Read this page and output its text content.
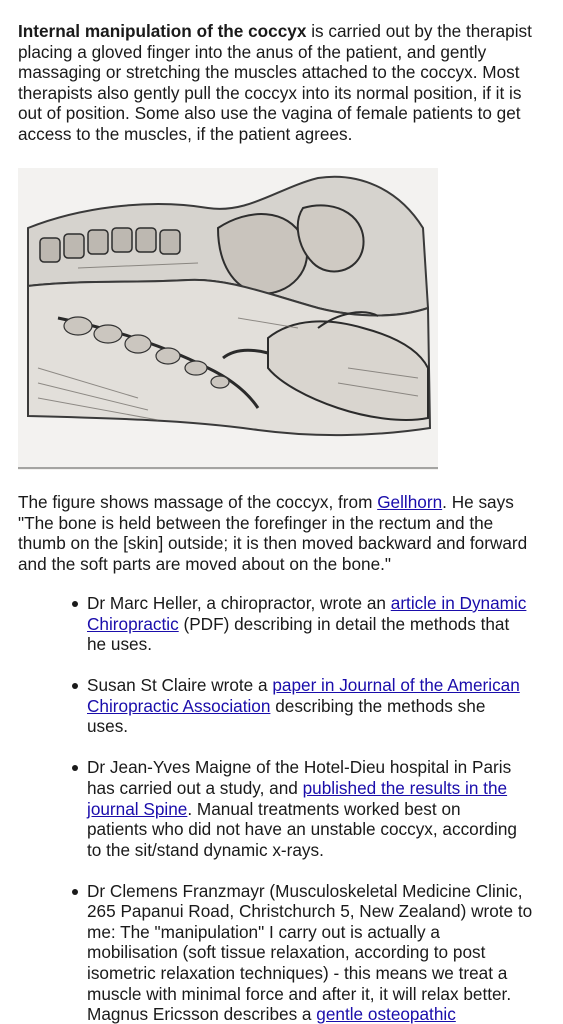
Internal manipulation of the coccyx is carried out by the therapist
placing a gloved finger into the anus of the patient, and gently
massaging or stretching the muscles attached to the coccyx. Most
therapists also gently pull the coccyx into its normal position, if it is
out of position. Some also use the vagina of female patients to get
access to the muscles, if the patient agrees.

The figure shows massage of the coccyx, from Gellhorn. He says
"The bone is held between the forefinger in the rectum and the
thumb on the [skin] outside; it is then moved backward and forward
and the soft parts are moved about on the bone."

Dr Marc Heller, a chiropractor, wrote an article in Dynamic
Chiropractic (PDF) describing in detail the methods that
he uses.
Susan St Claire wrote a paper in Journal of the American
Chiropractic Association describing the methods she
uses.
Dr Jean-Yves Maigne of the Hotel-Dieu hospital in Paris
has carried out a study, and published the results in the
journal Spine. Manual treatments worked best on
patients who did not have an unstable coccyx, according
to the sit/stand dynamic x-rays.
Dr Clemens Franzmayr (Musculoskeletal Medicine Clinic,
265 Papanui Road, Christchurch 5, New Zealand) wrote to
me: The "manipulation" I carry out is actually a
mobilisation (soft tissue relaxation, according to post
isometric relaxation techniques) - this means we treat a
muscle with minimal force and after it, it will relax better.
Magnus Ericsson describes a gentle osteopathic
